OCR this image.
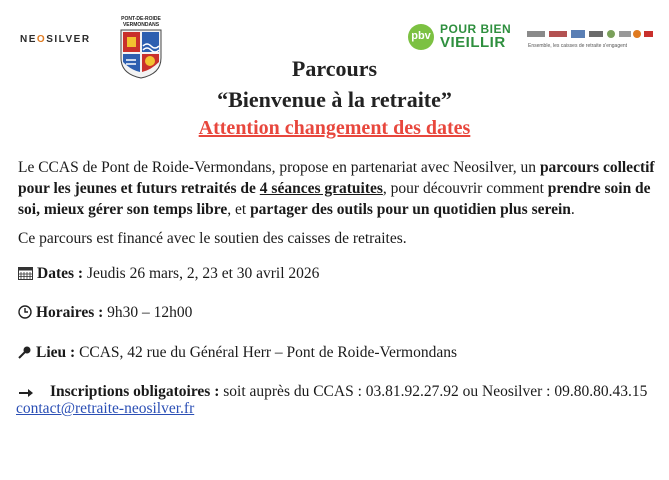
NEOSILVER
PONT-DE-ROIDE
VERMONDANS
pbv POUR BIEN
VIEILLIR	Ensemble, les caisses de retraite s'engagent
Parcours
“Bienvenue à la retraite”
Attention changement des dates
Le CCAS de Pont de Roide-Vermondans, propose en partenariat avec Neosilver, un parcours collectif pour les jeunes et futurs retraités de 4 séances gratuites, pour découvrir comment prendre soin de soi, mieux gérer son temps libre, et partager des outils pour un quotidien plus serein.
Ce parcours est financé avec le soutien des caisses de retraites.
Dates : Jeudis 26 mars, 2, 23 et 30 avril 2026
Horaires : 9h30 – 12h00
Lieu : CCAS, 42 rue du Général Herr – Pont de Roide-Vermondans
Inscriptions obligatoires : soit auprès du CCAS : 03.81.92.27.92 ou Neosilver : 09.80.80.43.15
contact@retraite-neosilver.fr
